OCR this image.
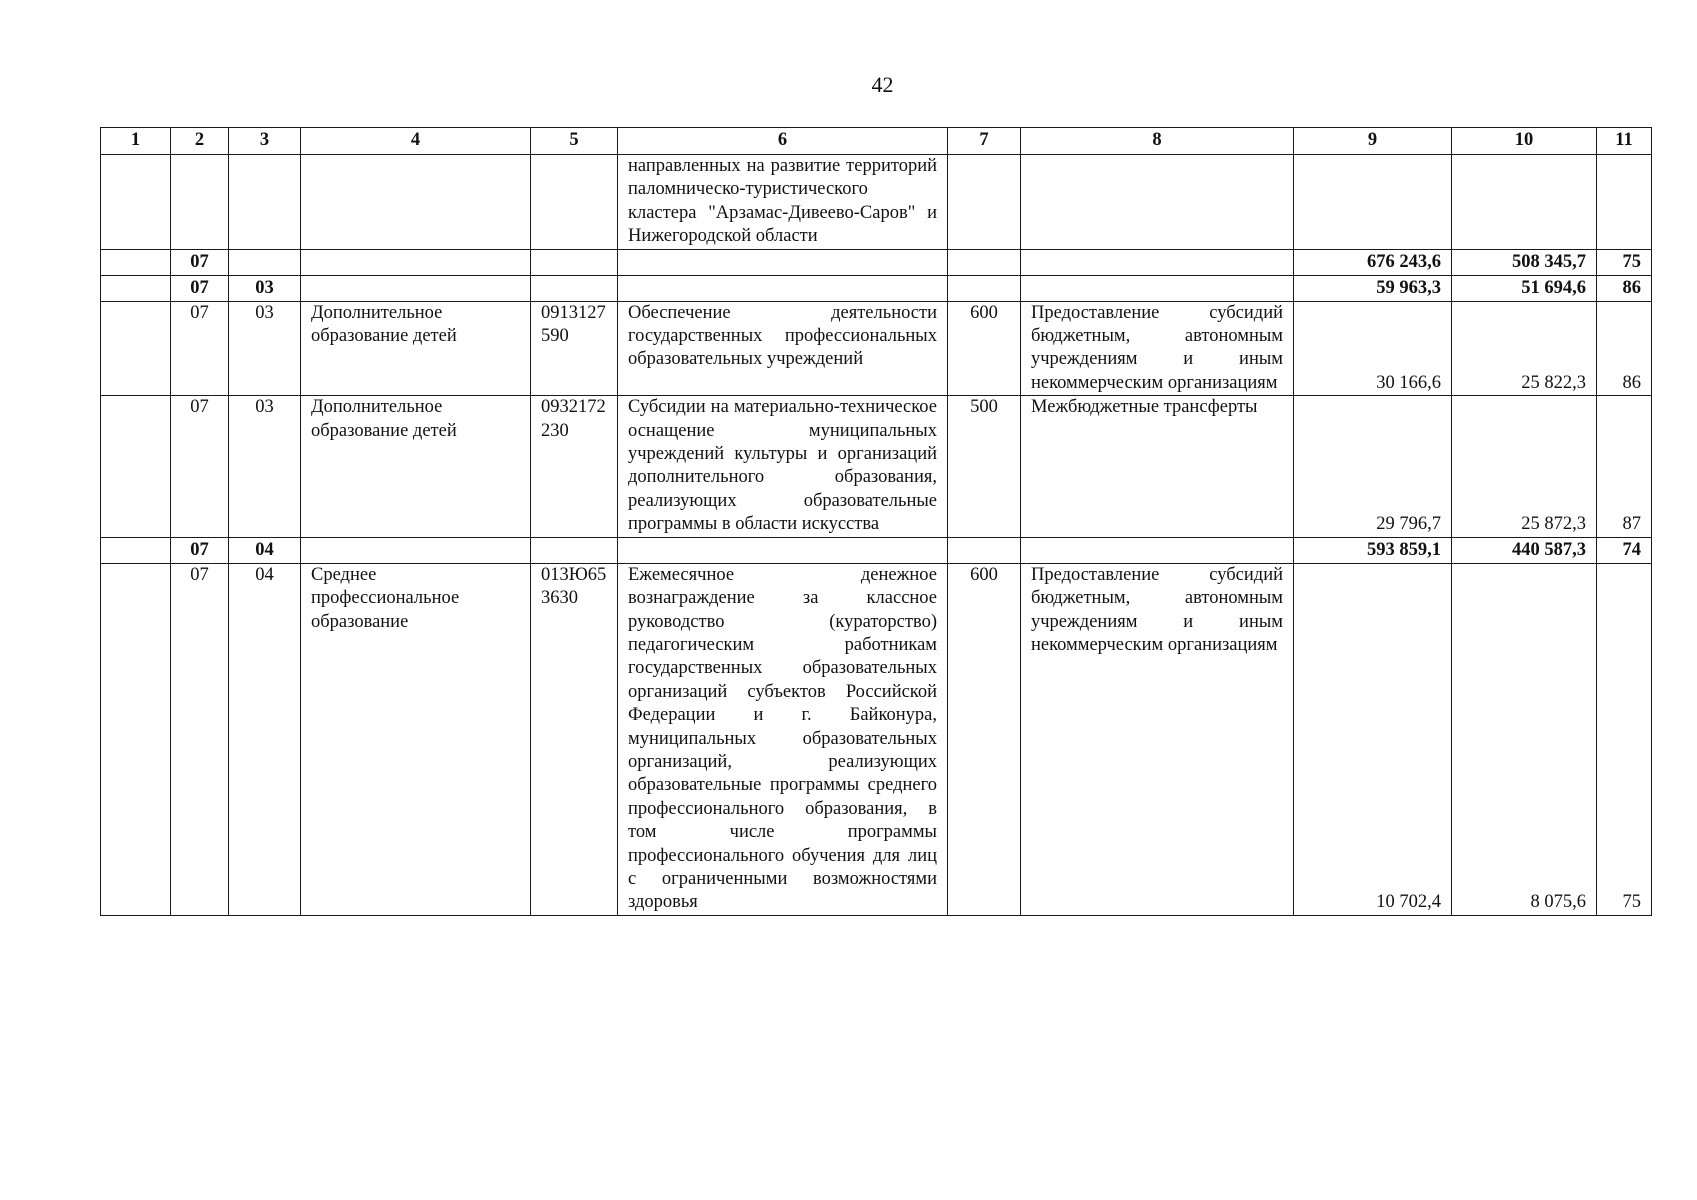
42
1	2	3	4	5	6	7	8	9	10	11
					направленных на развитие территорий паломническо-туристического кластера "Арзамас-Дивеево-Саров" и Нижегородской области					
	07							676 243,6	508 345,7	75
	07	03						59 963,3	51 694,6	86
	07	03	Дополнительное образование детей	0913127590	Обеспечение деятельности государственных профессиональных образовательных учреждений	600	Предоставление субсидий бюджетным, автономным учреждениям и иным некоммерческим организациям	30 166,6	25 822,3	86
	07	03	Дополнительное образование детей	0932172230	Субсидии на материально-техническое оснащение муниципальных учреждений культуры и организаций дополнительного образования, реализующих образовательные программы в области искусства	500	Межбюджетные трансферты	29 796,7	25 872,3	87
	07	04						593 859,1	440 587,3	74
	07	04	Среднее профессиональное образование	013Ю653630	Ежемесячное денежное вознаграждение за классное руководство (кураторство) педагогическим работникам государственных образовательных организаций субъектов Российской Федерации и г. Байконура, муниципальных образовательных организаций, реализующих образовательные программы среднего профессионального образования, в том числе программы профессионального обучения для лиц с ограниченными возможностями здоровья	600	Предоставление субсидий бюджетным, автономным учреждениям и иным некоммерческим организациям	10 702,4	8 075,6	75
